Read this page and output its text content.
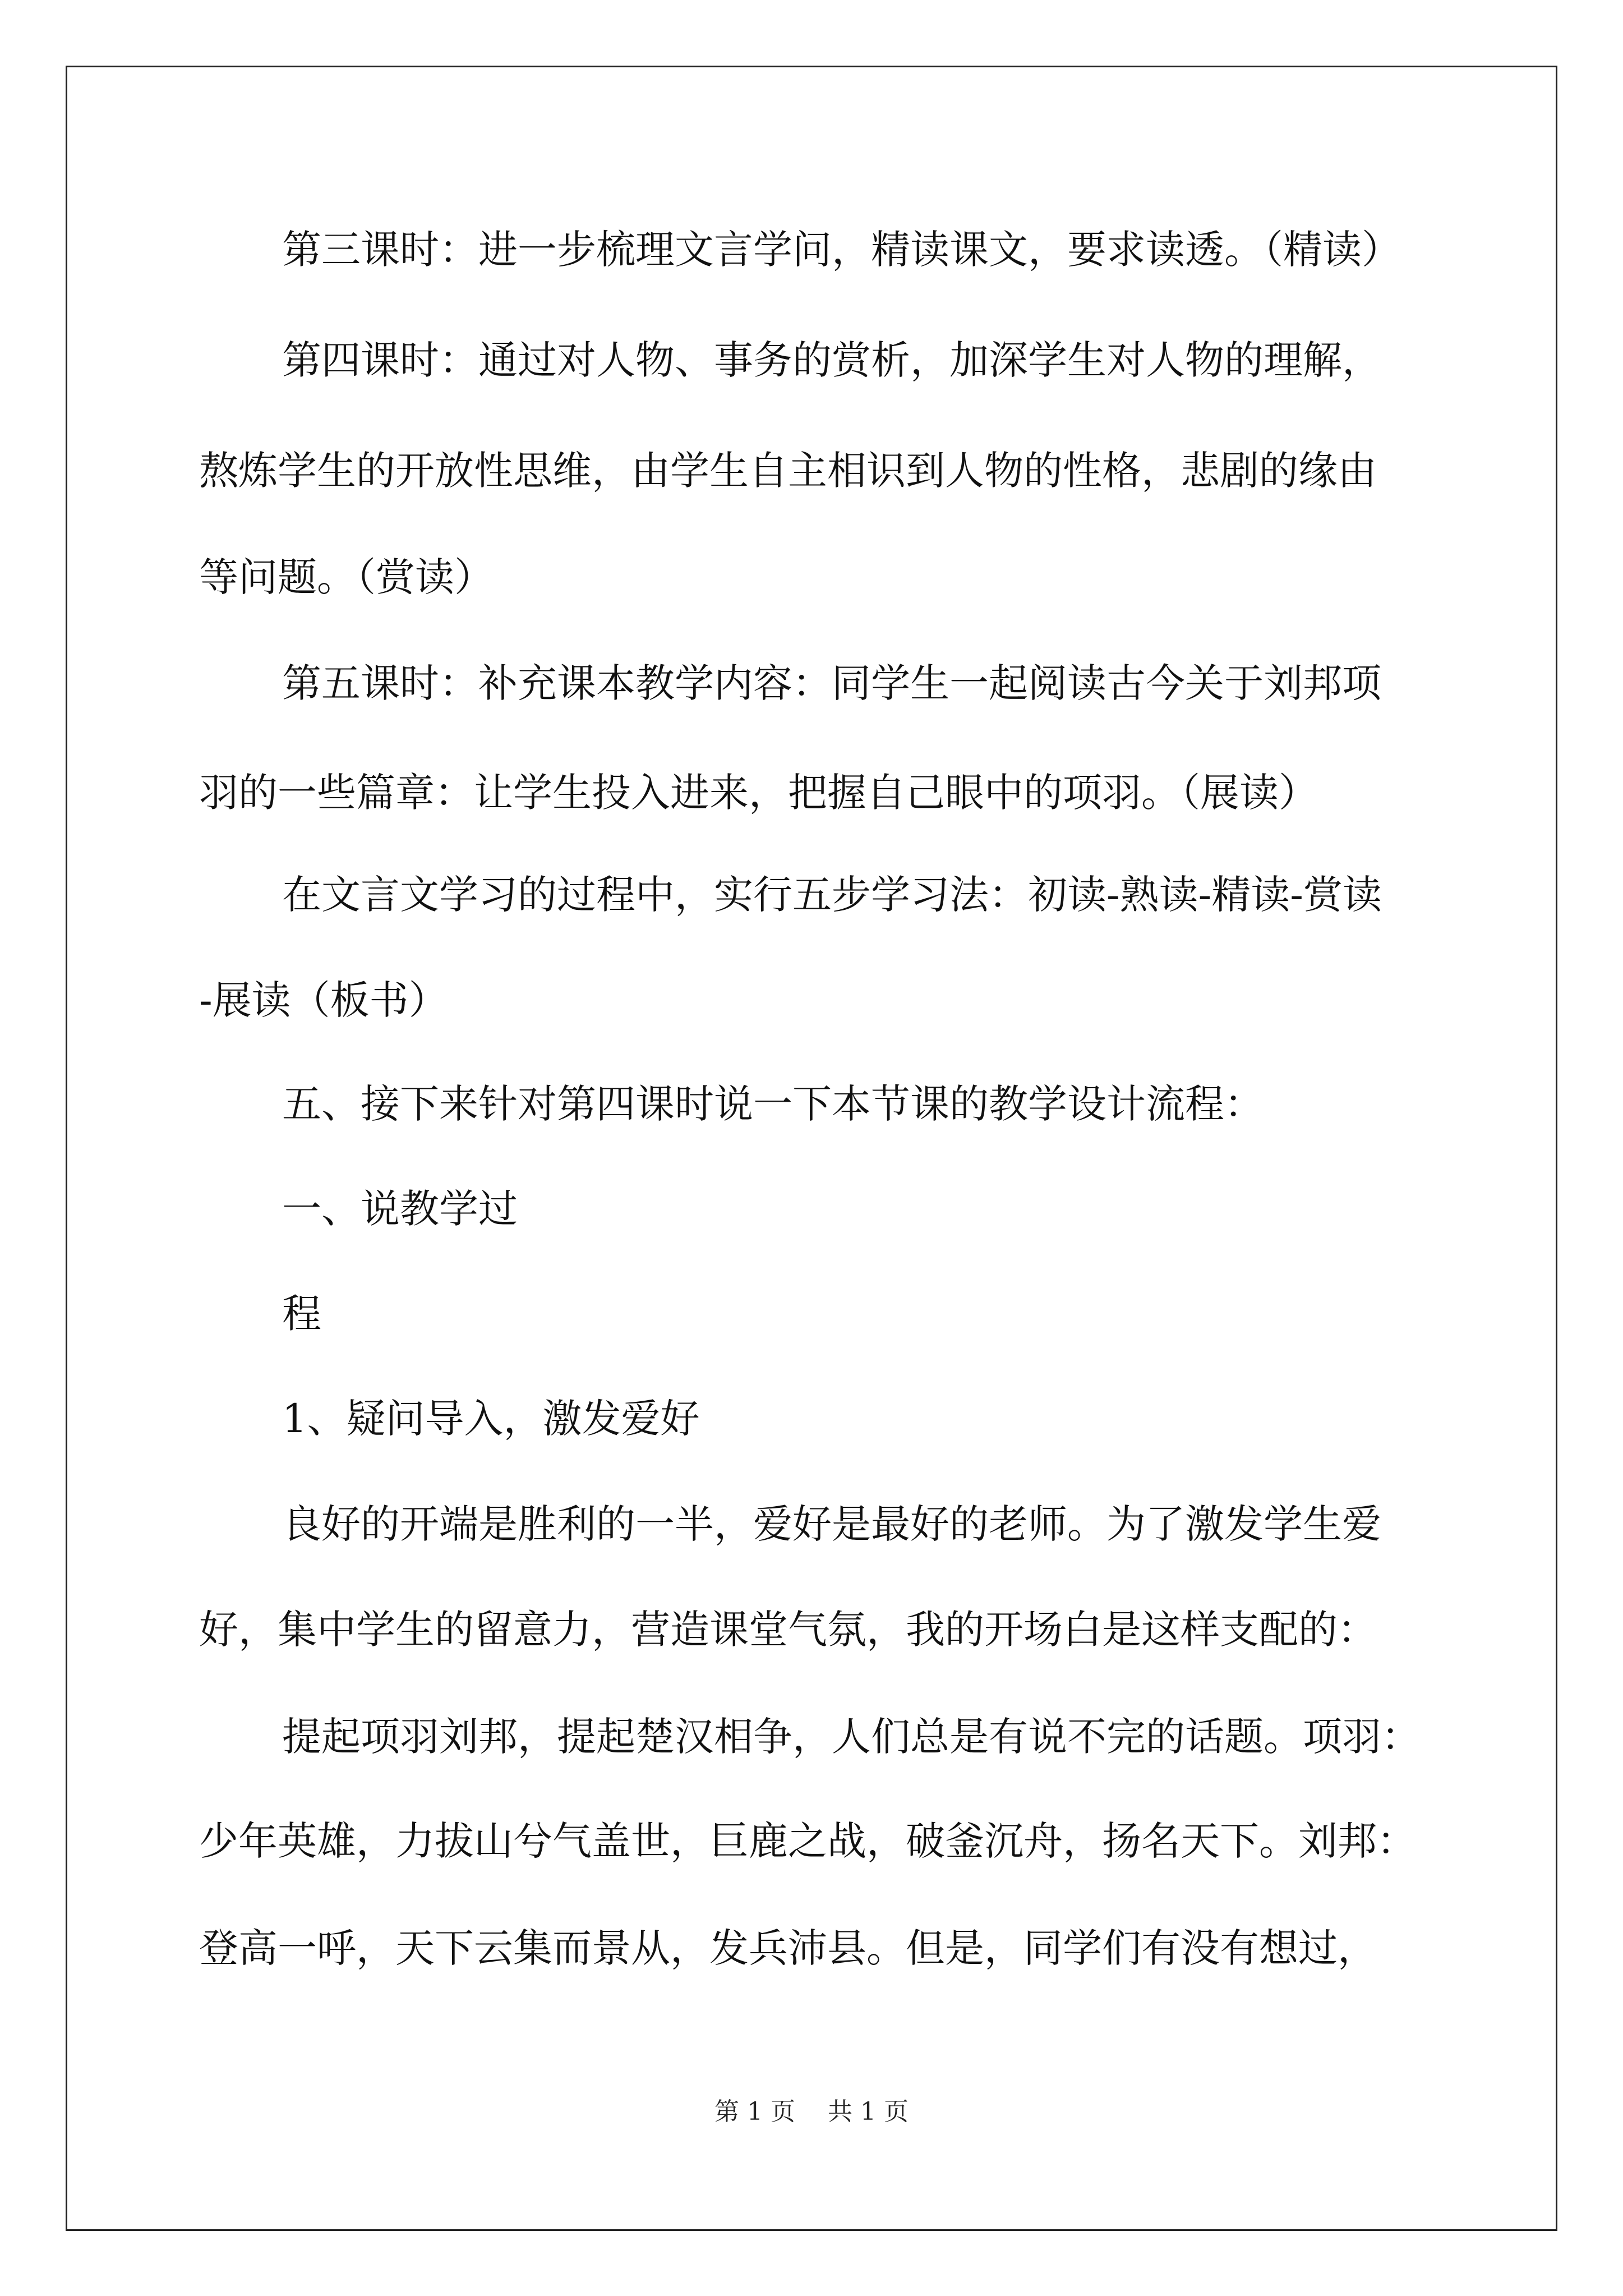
第三课时：进一步梳理文言学问，精读课文，要求读透。（精读）
第四课时：通过对人物、事务的赏析，加深学生对人物的理解，
熬炼学生的开放性思维，由学生自主相识到人物的性格，悲剧的缘由
等问题。（赏读）
第五课时：补充课本教学内容：同学生一起阅读古今关于刘邦项
羽的一些篇章：让学生投入进来，把握自己眼中的项羽。（展读）
在文言文学习的过程中，实行五步学习法：初读-熟读-精读-赏读
-展读（板书）
五、接下来针对第四课时说一下本节课的教学设计流程：
一、说教学过
程
1、疑问导入，激发爱好
良好的开端是胜利的一半，爱好是最好的老师。为了激发学生爱
好，集中学生的留意力，营造课堂气氛，我的开场白是这样支配的：
提起项羽刘邦，提起楚汉相争，人们总是有说不完的话题。项羽：
少年英雄，力拔山兮气盖世，巨鹿之战，破釜沉舟，扬名天下。刘邦：
登高一呼，天下云集而景从，发兵沛县。但是，同学们有没有想过，
第 1 页 共 1 页
